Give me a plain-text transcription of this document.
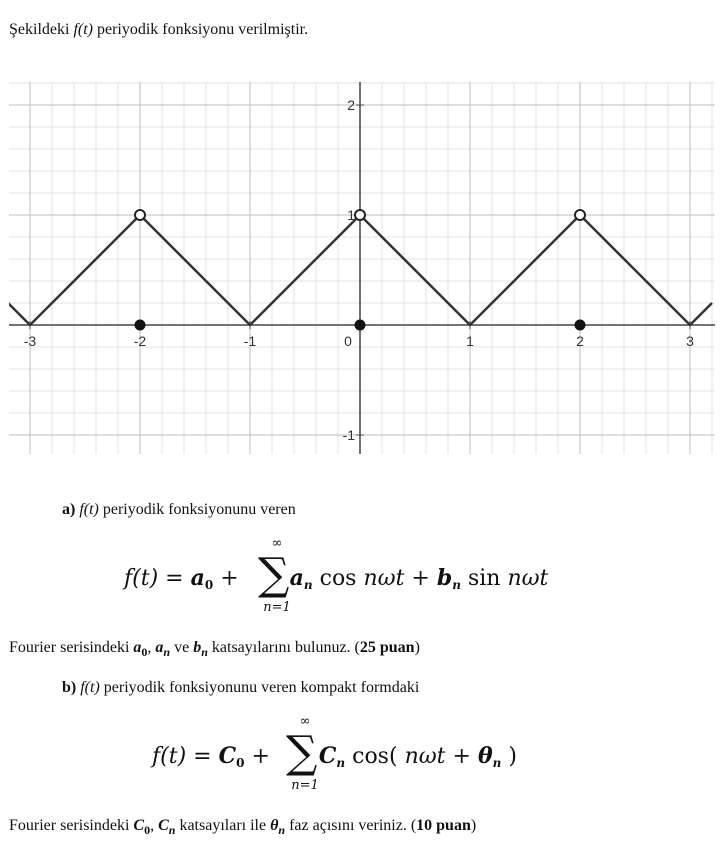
Şekildeki f(t) periyodik fonksiyonu verilmiştir.
-3	-2	-1	0	1	2	3
2
1
-1
a) f(t) periyodik fonksiyonunu veren
$f(t) = a_0 + a_n$ $\cos n\omega t + b_n$ sin nωt
∞
∑
n=1
Fourier serisindeki $a_0$, $a_n$ ve $b_n$ katsayılarını bulunuz. (25 puan)
b) f(t) periyodik fonksiyonunu veren kompakt formdaki
$f(t) = C_0 + C_n$ cos( $n\omega t + \theta_n$ )
∞
∑
n=1
Fourier serisindeki $C_0$, $C_n$ katsayıları ile $\theta_n$ faz açısını veriniz. (10 puan)
